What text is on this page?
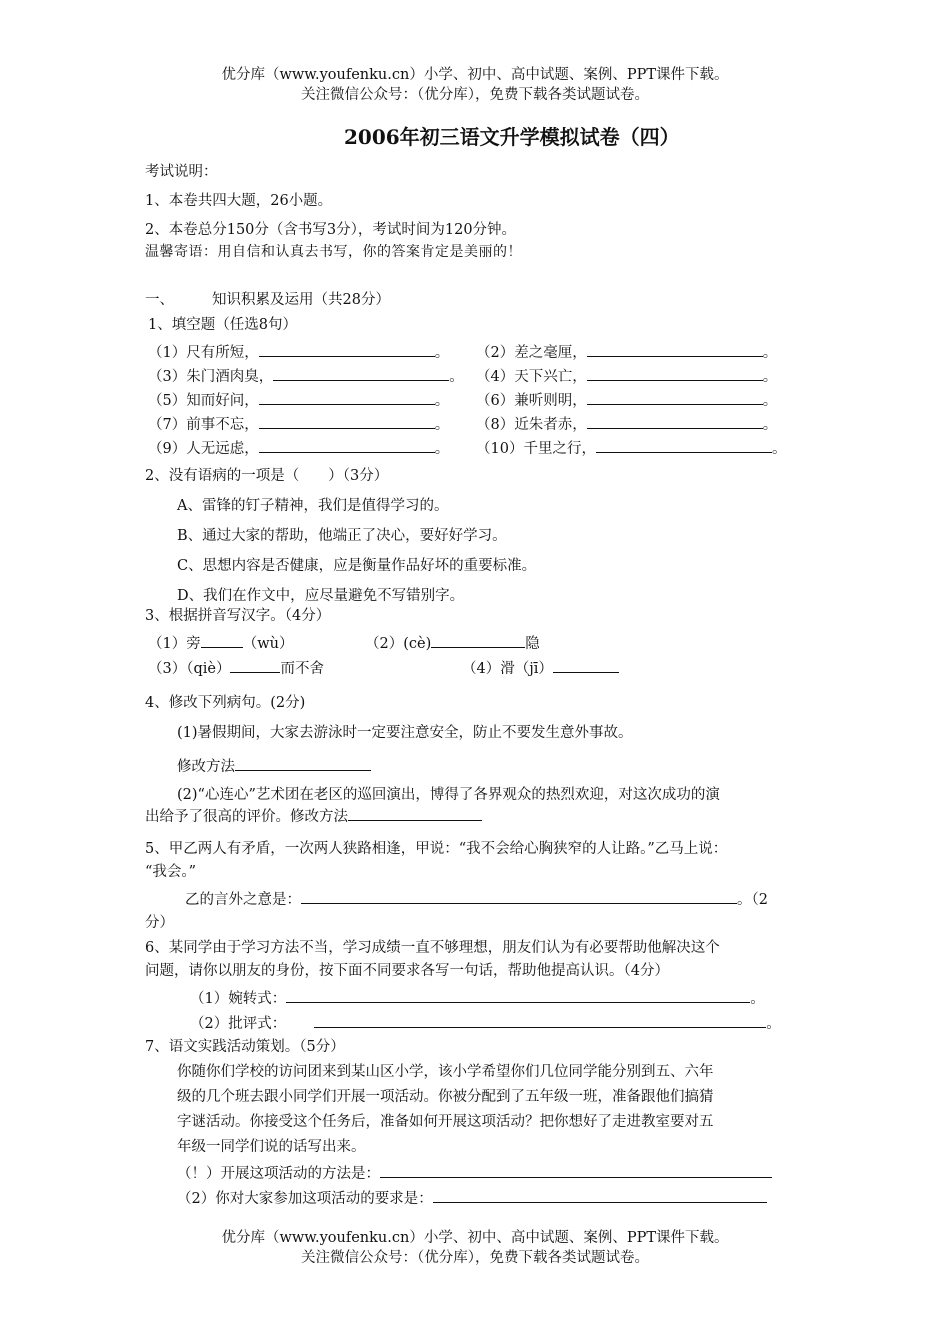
优分库（www.youfenku.cn）小学、初中、高中试题、案例、PPT课件下载。
关注微信公众号：（优分库），免费下载各类试题试卷。
2006年初三语文升学模拟试卷（四）
考试说明：
1、本卷共四大题，26小题。
2、本卷总分150分（含书写3分），考试时间为120分钟。
温馨寄语：用自信和认真去书写，你的答案肯定是美丽的！
一、	知识积累及运用（共28分）
1、填空题（任选8句）
（1）尺有所短，	。 （2）差之毫厘，	。
（3）朱门酒肉臭，	。 （4）天下兴亡，	。
（5）知而好问，	。 （6）兼听则明，	。
（7）前事不忘，	。 （8）近朱者赤，	。
（9）人无远虑，	。 （10）千里之行，	。
2、没有语病的一项是（　　）（3分）
A、雷锋的钉子精神，我们是值得学习的。
B、通过大家的帮助，他端正了决心，要好好学习。
C、思想内容是否健康，应是衡量作品好坏的重要标准。
D、我们在作文中，应尽量避免不写错别字。
3、根据拼音写汉字。（4分）
（1）旁	（wù）	（2）(cè)	隐
（3）（qiè）	而不舍	（4）滑（jī）
4、修改下列病句。(2分)
(1)暑假期间，大家去游泳时一定要注意安全，防止不要发生意外事故。
修改方法
(2)“心连心”艺术团在老区的巡回演出，博得了各界观众的热烈欢迎，对这次成功的演
出给予了很高的评价。修改方法
5、甲乙两人有矛盾，一次两人狭路相逢，甲说：“我不会给心胸狭窄的人让路。”乙马上说：
“我会。”
乙的言外之意是：	。（2
分）
6、某同学由于学习方法不当，学习成绩一直不够理想，朋友们认为有必要帮助他解决这个
问题，请你以朋友的身份，按下面不同要求各写一句话，帮助他提高认识。（4分）
（1）婉转式：	。
（2）批评式：	。
7、语文实践活动策划。（5分）
你随你们学校的访问团来到某山区小学，该小学希望你们几位同学能分别到五、六年
级的几个班去跟小同学们开展一项活动。你被分配到了五年级一班，准备跟他们搞猜
字谜活动。你接受这个任务后，准备如何开展这项活动？把你想好了走进教室要对五
年级一同学们说的话写出来。
（！）开展这项活动的方法是：
（2）你对大家参加这项活动的要求是：
优分库（www.youfenku.cn）小学、初中、高中试题、案例、PPT课件下载。
关注微信公众号：（优分库），免费下载各类试题试卷。
